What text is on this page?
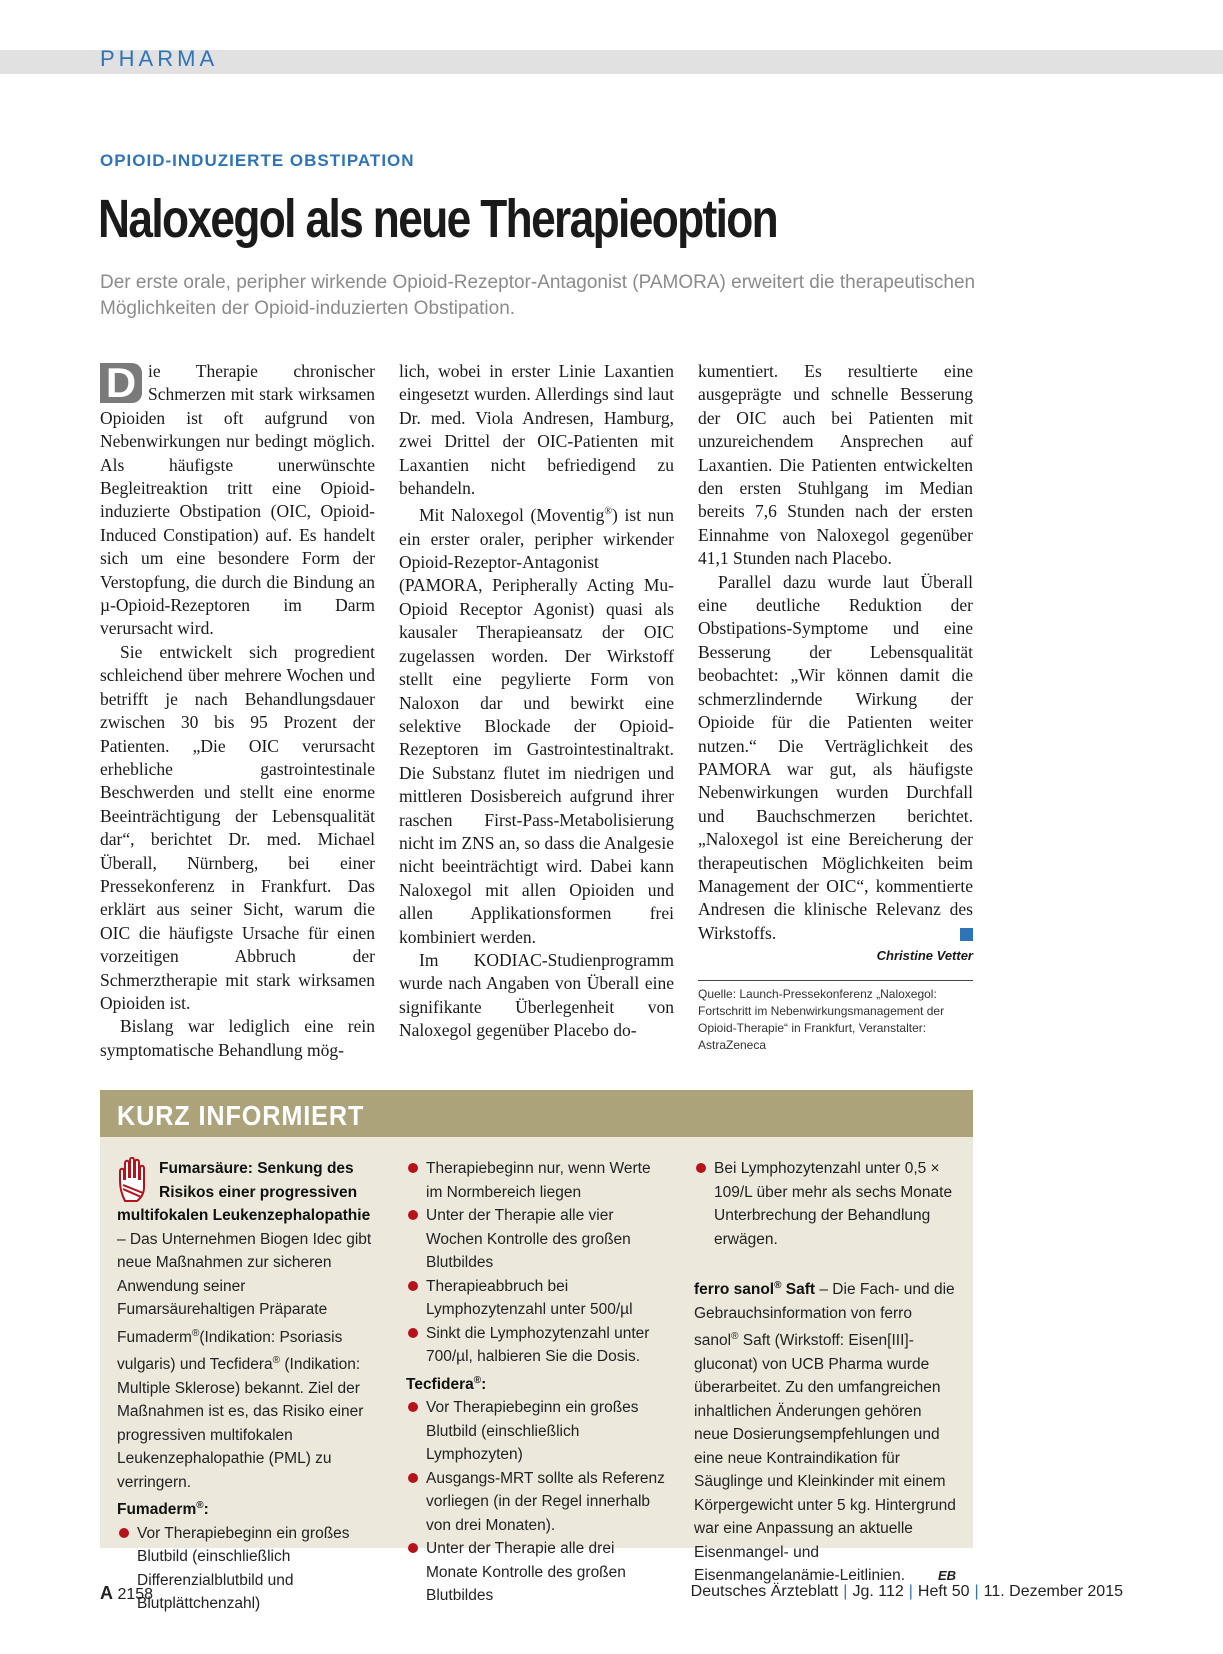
PHARMA
OPIOID-INDUZIERTE OBSTIPATION
Naloxegol als neue Therapieoption
Der erste orale, peripher wirkende Opioid-Rezeptor-Antagonist (PAMORA) erweitert die therapeutischen Möglichkeiten der Opioid-induzierten Obstipation.

D ie Therapie chronischer Schmerzen mit stark wirksamen Opioiden ist oft aufgrund von Nebenwirkungen nur bedingt möglich. Als häufigste unerwünschte Begleitreaktion tritt eine Opioid-induzierte Obstipation (OIC, Opioid-Induced Constipation) auf. Es handelt sich um eine besondere Form der Verstopfung, die durch die Bindung an µ-Opioid-Rezeptoren im Darm verursacht wird.

Sie entwickelt sich progredient schleichend über mehrere Wochen und betrifft je nach Behandlungsdauer zwischen 30 bis 95 Prozent der Patienten. „Die OIC verursacht erhebliche gastrointestinale Beschwerden und stellt eine enorme Beeinträchtigung der Lebensqualität dar“, berichtet Dr. med. Michael Überall, Nürnberg, bei einer Pressekonferenz in Frankfurt. Das erklärt aus seiner Sicht, warum die OIC die häufigste Ursache für einen vorzeitigen Abbruch der Schmerztherapie mit stark wirksamen Opioiden ist.

Bislang war lediglich eine rein symptomatische Behandlung mög-

lich, wobei in erster Linie Laxantien eingesetzt wurden. Allerdings sind laut Dr. med. Viola Andresen, Hamburg, zwei Drittel der OIC-Patienten mit Laxantien nicht befriedigend zu behandeln.

Mit Naloxegol (Moventig®) ist nun ein erster oraler, peripher wirkender Opioid-Rezeptor-Antagonist (PAMORA, Peripherally Acting Mu-Opioid Receptor Agonist) quasi als kausaler Therapieansatz der OIC zugelassen worden. Der Wirkstoff stellt eine pegylierte Form von Naloxon dar und bewirkt eine selektive Blockade der Opioid-Rezeptoren im Gastrointestinaltrakt. Die Substanz flutet im niedrigen und mittleren Dosisbereich aufgrund ihrer raschen First-Pass-Metabolisierung nicht im ZNS an, so dass die Analgesie nicht beeinträchtigt wird. Dabei kann Naloxegol mit allen Opioiden und allen Applikationsformen frei kombiniert werden.

Im KODIAC-Studienprogramm wurde nach Angaben von Überall eine signifikante Überlegenheit von Naloxegol gegenüber Placebo do-

kumentiert. Es resultierte eine ausgeprägte und schnelle Besserung der OIC auch bei Patienten mit unzureichendem Ansprechen auf Laxantien. Die Patienten entwickelten den ersten Stuhlgang im Median bereits 7,6 Stunden nach der ersten Einnahme von Naloxegol gegenüber 41,1 Stunden nach Placebo.

Parallel dazu wurde laut Überall eine deutliche Reduktion der Obstipations-Symptome und eine Besserung der Lebensqualität beobachtet: „Wir können damit die schmerzlindernde Wirkung der Opioide für die Patienten weiter nutzen.“ Die Verträglichkeit des PAMORA war gut, als häufigste Nebenwirkungen wurden Durchfall und Bauchschmerzen berichtet. „Naloxegol ist eine Bereicherung der therapeutischen Möglichkeiten beim Management der OIC“, kommentierte Andresen die klinische Relevanz des Wirkstoffs.

Christine Vetter
Quelle: Launch-Pressekonferenz „Naloxegol: Fortschritt im Nebenwirkungsmanagement der Opioid-Therapie“ in Frankfurt, Veranstalter: AstraZeneca
KURZ INFORMIERT

Fumarsäure: Senkung des Risikos einer progressiven multifokalen Leukenzephalopathie – Das Unternehmen Biogen Idec gibt neue Maßnahmen zur sicheren Anwendung seiner Fumarsäurehaltigen Präparate Fumaderm®(Indikation: Psoriasis vulgaris) und Tecfidera® (Indikation: Multiple Sklerose) bekannt. Ziel der Maßnahmen ist es, das Risiko einer progressiven multifokalen Leukenzephalopathie (PML) zu verringern.

Fumaderm®:

Vor Therapiebeginn ein großes Blutbild (einschließlich Differenzialblutbild und Blutplättchenzahl)
Therapiebeginn nur, wenn Werte im Normbereich liegen
Unter der Therapie alle vier Wochen Kontrolle des großen Blutbildes
Therapieabbruch bei Lymphozytenzahl unter 500/µl
Sinkt die Lymphozytenzahl unter 700/µl, halbieren Sie die Dosis.

Tecfidera®:

Vor Therapiebeginn ein großes Blutbild (einschließlich Lymphozyten)
Ausgangs-MRT sollte als Referenz vorliegen (in der Regel innerhalb von drei Monaten).
Unter der Therapie alle drei Monate Kontrolle des großen Blutbildes
Bei Lymphozytenzahl unter 0,5 × 109/L über mehr als sechs Monate Unterbrechung der Behandlung erwägen.

ferro sanol® Saft – Die Fach- und die Gebrauchsinformation von ferro sanol® Saft (Wirkstoff: Eisen[III]-gluconat) von UCB Pharma wurde überarbeitet. Zu den umfangreichen inhaltlichen Änderungen gehören neue Dosierungsempfehlungen und eine neue Kontraindikation für Säuglinge und Kleinkinder mit einem Körpergewicht unter 5 kg. Hintergrund war eine Anpassung an aktuelle Eisenmangel- und Eisenmangelanämie-Leitlinien.	EB

A 2158	Deutsches Ärzteblatt | Jg. 112 | Heft 50 | 11. Dezember 2015
